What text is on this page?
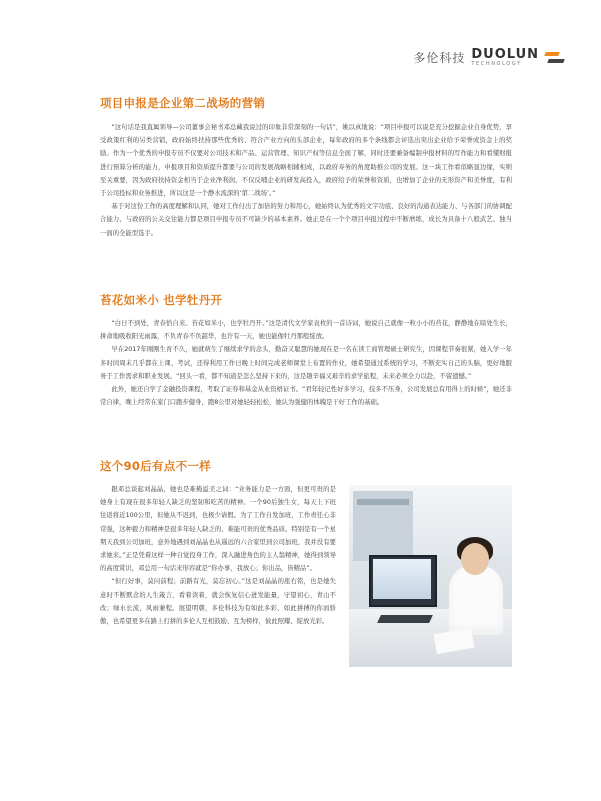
多伦科技 DUOLUN
TECHNOLOGY
项目申报是企业第二战场的营销

“这句话是我直属领导—公司董事会秘书邓总藏我说过的印象非常深刻的一句话”，姚以真地说：“项目申报可以说是充分挖掘企业自身优势，享受政策红利的另类营销，政府始终扶持那些优秀的、符合产业方向的头部企业，每年政府的多个条线都会评选出突出企业给予荣誉或资金上的奖励。作为一个优秀的申报专员不仅要对公司技术和产品、运营管理、知识产权等信息全面了解，同时还要兼备编制申报材料的写作能力和看懂财报进行预算分析的能力，申报项目和资质提升都要与公司的发展战略相辅相成，以政府寿务的角度助推公司的发展。这一块工作看似略显边缘，实则至关重要，因为政府扶持资金相当于企业净利润，不仅反哺企业的研发高投入，政府给予的荣誉和资质，也增加了企业的无形资产和美誉度，有利于公司投标和业务推进，所以这是一个静水流深的‘第二战场’。”

基于对这份工作的高度理解和认同，她对工作付出了加倍的努力和用心，她始终认为优秀的文字功底、良好的沟通表达能力、与各部门的协调配合能力、与政府的公关交往能力都是项目申报专员不可缺少的基本素养。她正是在一个个项目申报过程中不断磨练，成长为具备十八般武艺、独当一面的全能型选手。

苔花如米小 也学牡丹开

“白日不到处，青春恰自来。苔花如米小，也学牡丹开。”这是清代文学家袁枚的一首诗词，她说自己就像一粒小小的苔花，静静地在暗处生长，拼命地吸收阳光雨露，不负青春不负韶华，也许有一天，她也能像牡丹那般绽放。

早在2017年刚刚生育不久，她就萌生了继续求学的念头，勤奋又聪慧的她现在是一名在读工商管理硕士研究生，因课程节奏很紧，她入学一年多时间周末几乎都在上课、考试，还得利用工作日晚上时间完成老师课堂上布置的作业，她希望通过系统的学习，不断充实自己的头脑，更好地服务于工作需求和职业发展。“回头一看，都不知道是怎么坚持下来的，这是趟辛福又艰辛的求学旅程，未来必须全力以赴，不留遗憾。”

此外，她还自学了金融投资课程，考取了证券和基金从业资格证书。“君年轻记性好多学习，技多不压身，公司发展总有用得上的时候”，她还非常自律，晚上经常在家门口跑步健身，跑8公里对她轻轻松松，她认为强健的体魄是干好工作的基础。

这个90后有点不一样

跟邓总谈起刘晶晶，她也是难掩溢美之词：“业务能力是一方面，但更可贵的是她身上有现在很多年轻人缺乏的坚韧和吃苦的精神。一个90后独生女，每天上下班往返将近100公里，但她从不迟到，也极少请假。为了工作自发加班，工作责任心非常强，这种毅力和精神是很多年轻人缺乏的、难能可贵的优秀品质。特别是有一个星期天我到公司加班，意外地遇到刘晶晶也从遥远的六合家里到公司加班，我并没有要求她来。”正是凭着这样一种自觉投身工作，深入融进角色的主人翁精神，她得到领导的高度赏识，邓总用一句话来形容就是“你办事，我放心；你出品，皆精品”。

“但行好事，莫问前程；前路有光，莫忘初心。”这是刘晶晶的座右铭，也是她失意时不断默念的人生箴言，看着读着，就会恢复信心迸发能量，守望初心，青山不改；绿水长流，风雨兼程。展望明朝，多伦科技为有如此多彩、如此拼搏的你而骄傲，也希望更多在路上打拼的多伦人互相鼓励、互为榜样，彼此照耀、绽放光彩。
